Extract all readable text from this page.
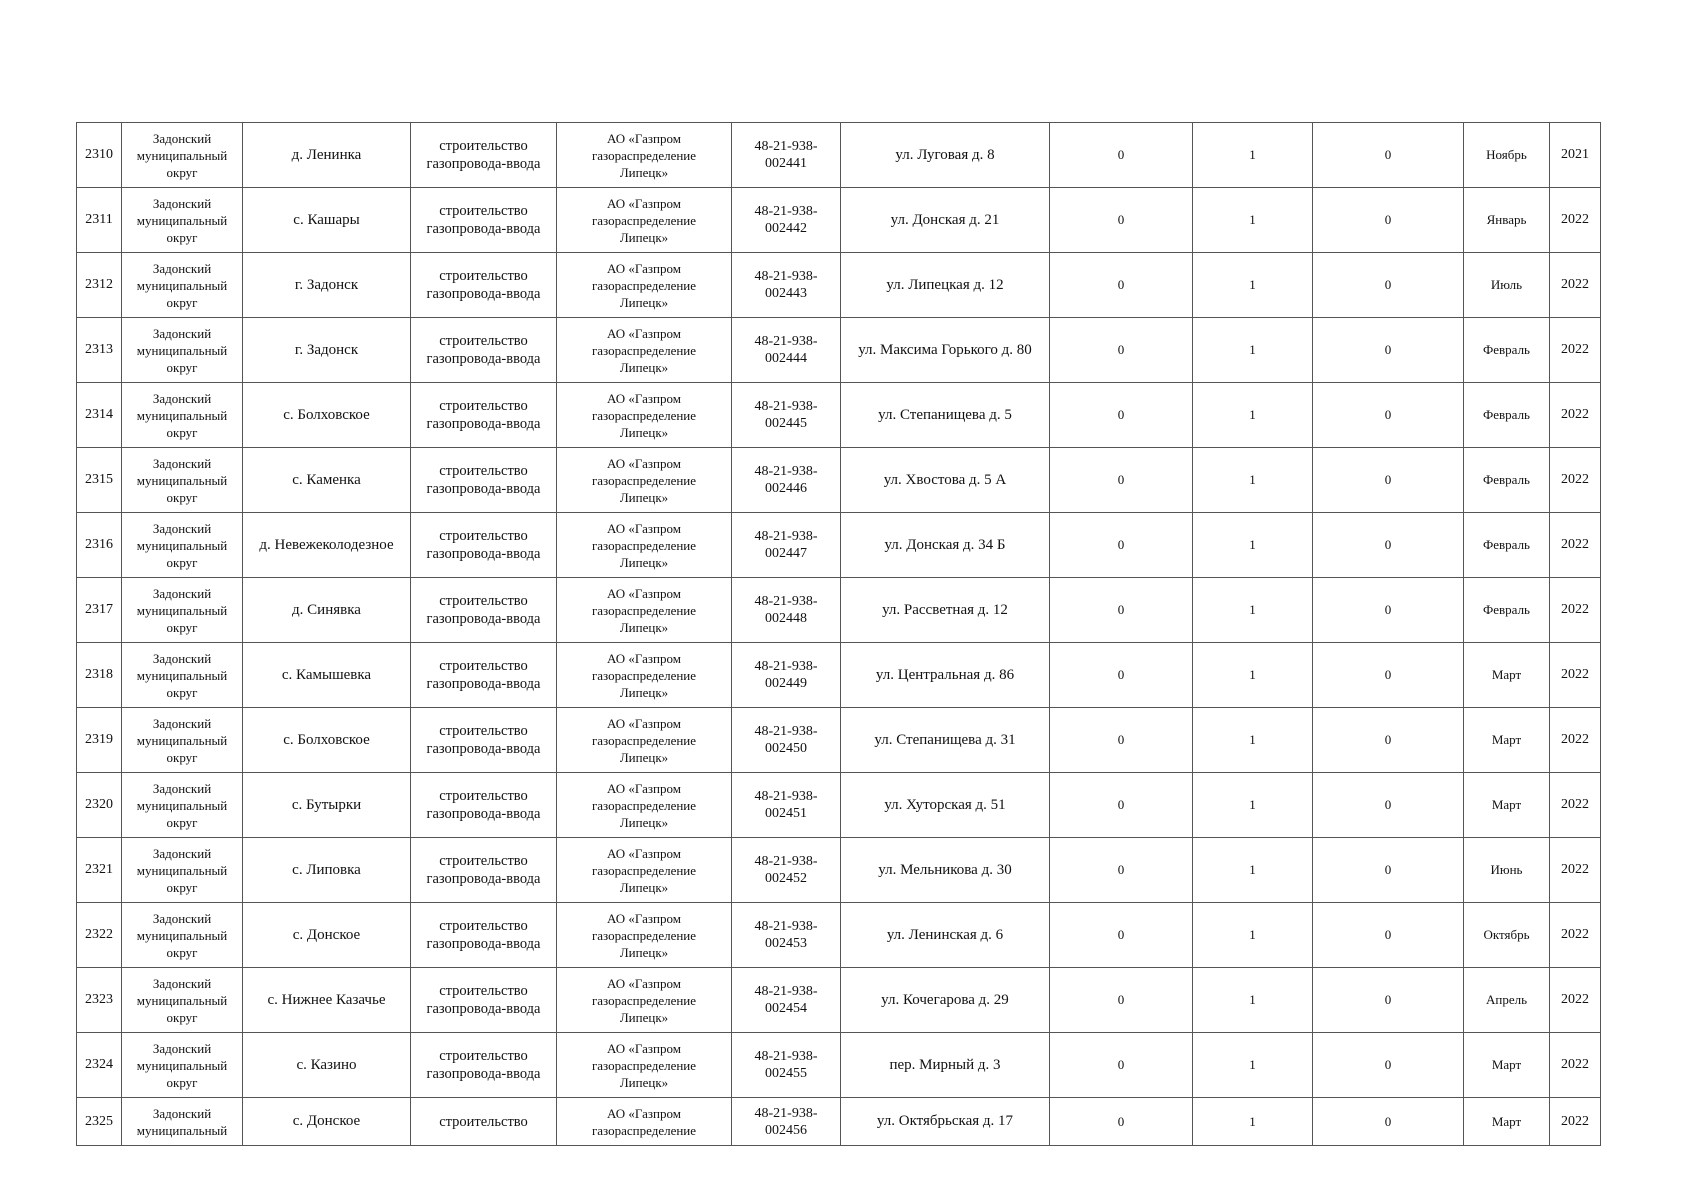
2310	Задонский
муниципальный
округ	д. Ленинка	строительство
газопровода-ввода	АО «Газпром
газораспределение
Липецк»	48-21-938-
002441	ул. Луговая д. 8	0	1	0	Ноябрь	2021
2311	Задонский
муниципальный
округ	с. Кашары	строительство
газопровода-ввода	АО «Газпром
газораспределение
Липецк»	48-21-938-
002442	ул. Донская д. 21	0	1	0	Январь	2022
2312	Задонский
муниципальный
округ	г. Задонск	строительство
газопровода-ввода	АО «Газпром
газораспределение
Липецк»	48-21-938-
002443	ул. Липецкая д. 12	0	1	0	Июль	2022
2313	Задонский
муниципальный
округ	г. Задонск	строительство
газопровода-ввода	АО «Газпром
газораспределение
Липецк»	48-21-938-
002444	ул. Максима Горького д. 80	0	1	0	Февраль	2022
2314	Задонский
муниципальный
округ	с. Болховское	строительство
газопровода-ввода	АО «Газпром
газораспределение
Липецк»	48-21-938-
002445	ул. Степанищева д. 5	0	1	0	Февраль	2022
2315	Задонский
муниципальный
округ	с. Каменка	строительство
газопровода-ввода	АО «Газпром
газораспределение
Липецк»	48-21-938-
002446	ул. Хвостова д. 5 А	0	1	0	Февраль	2022
2316	Задонский
муниципальный
округ	д. Невежеколодезное	строительство
газопровода-ввода	АО «Газпром
газораспределение
Липецк»	48-21-938-
002447	ул. Донская д. 34 Б	0	1	0	Февраль	2022
2317	Задонский
муниципальный
округ	д. Синявка	строительство
газопровода-ввода	АО «Газпром
газораспределение
Липецк»	48-21-938-
002448	ул. Рассветная д. 12	0	1	0	Февраль	2022
2318	Задонский
муниципальный
округ	с. Камышевка	строительство
газопровода-ввода	АО «Газпром
газораспределение
Липецк»	48-21-938-
002449	ул. Центральная д. 86	0	1	0	Март	2022
2319	Задонский
муниципальный
округ	с. Болховское	строительство
газопровода-ввода	АО «Газпром
газораспределение
Липецк»	48-21-938-
002450	ул. Степанищева д. 31	0	1	0	Март	2022
2320	Задонский
муниципальный
округ	с. Бутырки	строительство
газопровода-ввода	АО «Газпром
газораспределение
Липецк»	48-21-938-
002451	ул. Хуторская д. 51	0	1	0	Март	2022
2321	Задонский
муниципальный
округ	с. Липовка	строительство
газопровода-ввода	АО «Газпром
газораспределение
Липецк»	48-21-938-
002452	ул. Мельникова д. 30	0	1	0	Июнь	2022
2322	Задонский
муниципальный
округ	с. Донское	строительство
газопровода-ввода	АО «Газпром
газораспределение
Липецк»	48-21-938-
002453	ул. Ленинская д. 6	0	1	0	Октябрь	2022
2323	Задонский
муниципальный
округ	с. Нижнее Казачье	строительство
газопровода-ввода	АО «Газпром
газораспределение
Липецк»	48-21-938-
002454	ул. Кочегарова д. 29	0	1	0	Апрель	2022
2324	Задонский
муниципальный
округ	с. Казино	строительство
газопровода-ввода	АО «Газпром
газораспределение
Липецк»	48-21-938-
002455	пер. Мирный д. 3	0	1	0	Март	2022
2325	Задонский
муниципальный	с. Донское	строительство	АО «Газпром
газораспределение	48-21-938-
002456	ул. Октябрьская д. 17	0	1	0	Март	2022
